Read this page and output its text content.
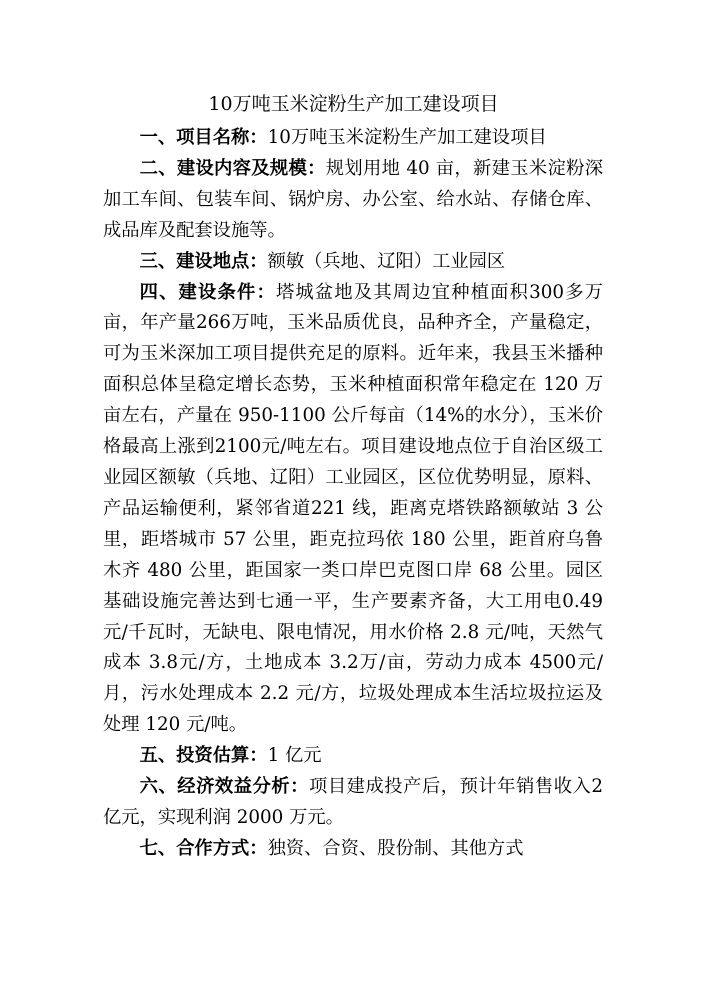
10万吨玉米淀粉生产加工建设项目

一、项目名称：10万吨玉米淀粉生产加工建设项目

二、建设内容及规模：规划用地 40 亩，新建玉米淀粉深加工车间、包装车间、锅炉房、办公室、给水站、存储仓库、成品库及配套设施等。

三、建设地点：额敏（兵地、辽阳）工业园区

四、建设条件：塔城盆地及其周边宜种植面积300多万亩，年产量266万吨，玉米品质优良，品种齐全，产量稳定，可为玉米深加工项目提供充足的原料。近年来，我县玉米播种面积总体呈稳定增长态势，玉米种植面积常年稳定在 120 万亩左右，产量在 950-1100 公斤每亩（14%的水分），玉米价格最高上涨到2100元/吨左右。项目建设地点位于自治区级工业园区额敏（兵地、辽阳）工业园区，区位优势明显，原料、产品运输便利，紧邻省道221 线，距离克塔铁路额敏站 3 公里，距塔城市 57 公里，距克拉玛依 180 公里，距首府乌鲁木齐 480 公里，距国家一类口岸巴克图口岸 68 公里。园区基础设施完善达到七通一平，生产要素齐备，大工用电0.49 元/千瓦时，无缺电、限电情况，用水价格 2.8 元/吨，天然气成本 3.8元/方，土地成本 3.2万/亩，劳动力成本 4500元/月，污水处理成本 2.2 元/方，垃圾处理成本生活垃圾拉运及处理 120 元/吨。

五、投资估算：1 亿元

六、经济效益分析：项目建成投产后，预计年销售收入2亿元，实现利润 2000 万元。

七、合作方式：独资、合资、股份制、其他方式
